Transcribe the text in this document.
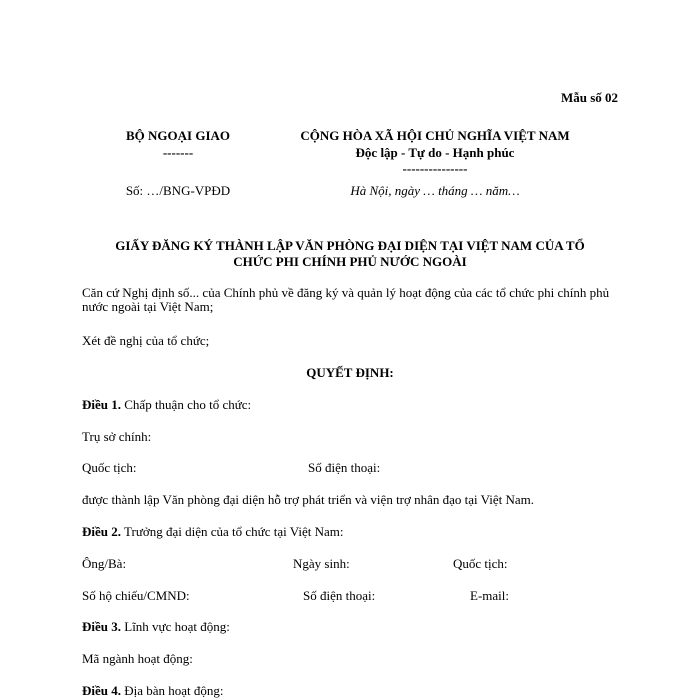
Mẫu số 02
BỘ NGOẠI GIAO
-------
Số: …/BNG-VPĐD
CỘNG HÒA XÃ HỘI CHỦ NGHĨA VIỆT NAM
Độc lập - Tự do - Hạnh phúc
---------------
Hà Nội, ngày … tháng … năm…
GIẤY ĐĂNG KÝ THÀNH LẬP VĂN PHÒNG ĐẠI DIỆN TẠI VIỆT NAM CỦA TỔ
CHỨC PHI CHÍNH PHỦ NƯỚC NGOÀI
Căn cứ Nghị định số... của Chính phủ về đăng ký và quản lý hoạt động của các tổ chức phi chính phủ nước ngoài tại Việt Nam;
Xét đề nghị của tổ chức;
QUYẾT ĐỊNH:
Điều 1. Chấp thuận cho tổ chức:
Trụ sở chính:
Quốc tịch:	Số điện thoại:
được thành lập Văn phòng đại diện hỗ trợ phát triển và viện trợ nhân đạo tại Việt Nam.
Điều 2. Trưởng đại diện của tổ chức tại Việt Nam:
Ông/Bà:	Ngày sinh:	Quốc tịch:
Số hộ chiếu/CMND:	Số điện thoại:	E-mail:
Điều 3. Lĩnh vực hoạt động:
Mã ngành hoạt động:
Điều 4. Địa bàn hoạt động:
